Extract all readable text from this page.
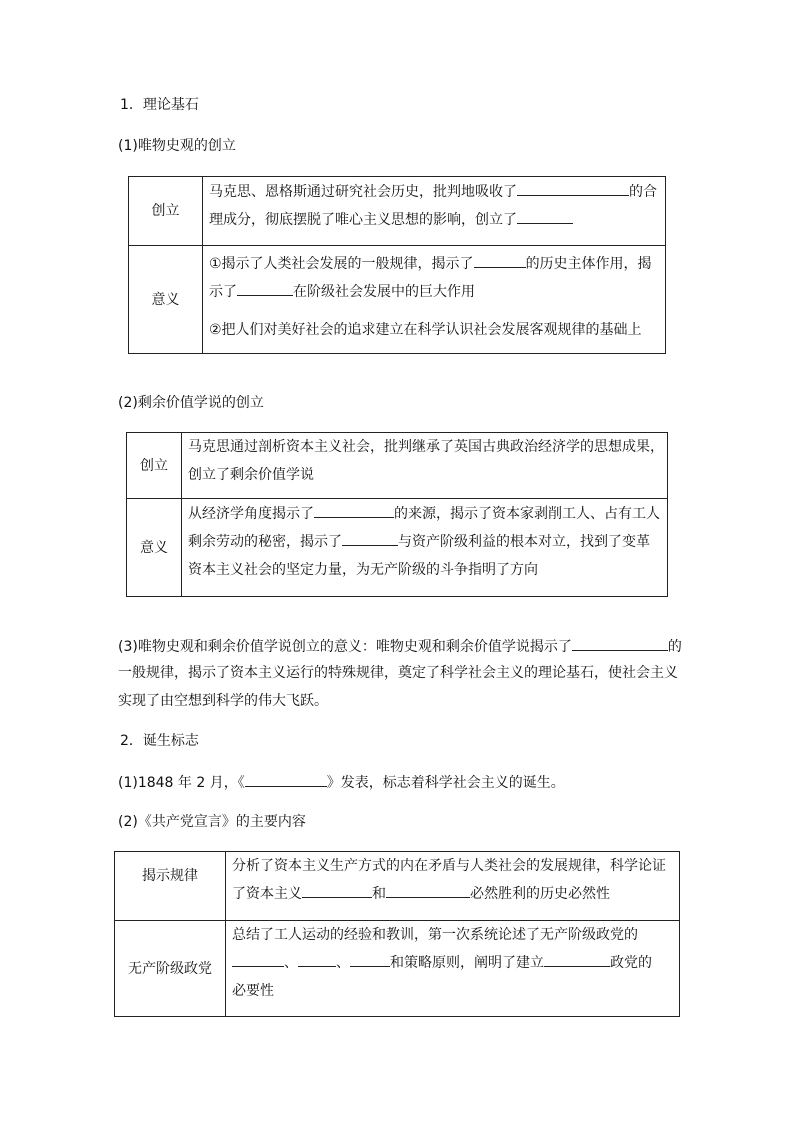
1．理论基石
(1)唯物史观的创立
创立	马克思、恩格斯通过研究社会历史，批判地吸收了 的合
理成分，彻底摆脱了唯心主义思想的影响，创立了

意义	①揭示了人类社会发展的一般规律，揭示了 的历史主体作用，揭
示了 在阶级社会发展中的巨大作用
②把人们对美好社会的追求建立在科学认识社会发展客观规律的基础上
(2)剩余价值学说的创立
创立	马克思通过剖析资本主义社会，批判继承了英国古典政治经济学的思想成果，
创立了剩余价值学说

意义	从经济学角度揭示了 的来源，揭示了资本家剥削工人、占有工人
剩余劳动的秘密，揭示了 与资产阶级利益的根本对立，找到了变革
资本主义社会的坚定力量，为无产阶级的斗争指明了方向
(3)唯物史观和剩余价值学说创立的意义：唯物史观和剩余价值学说揭示了	的
一般规律，揭示了资本主义运行的特殊规律，奠定了科学社会主义的理论基石，使社会主义
实现了由空想到科学的伟大飞跃。
2．诞生标志
(1)1848 年 2 月，《	》发表，标志着科学社会主义的诞生。
(2)《共产党宣言》的主要内容
揭示规律	分析了资本主义生产方式的内在矛盾与人类社会的发展规律，科学论证
了资本主义 和 必然胜利的历史必然性

无产阶级政党	总结了工人运动的经验和教训，第一次系统论述了无产阶级政党的
、 、 和策略原则，阐明了建立 政党的
必要性
